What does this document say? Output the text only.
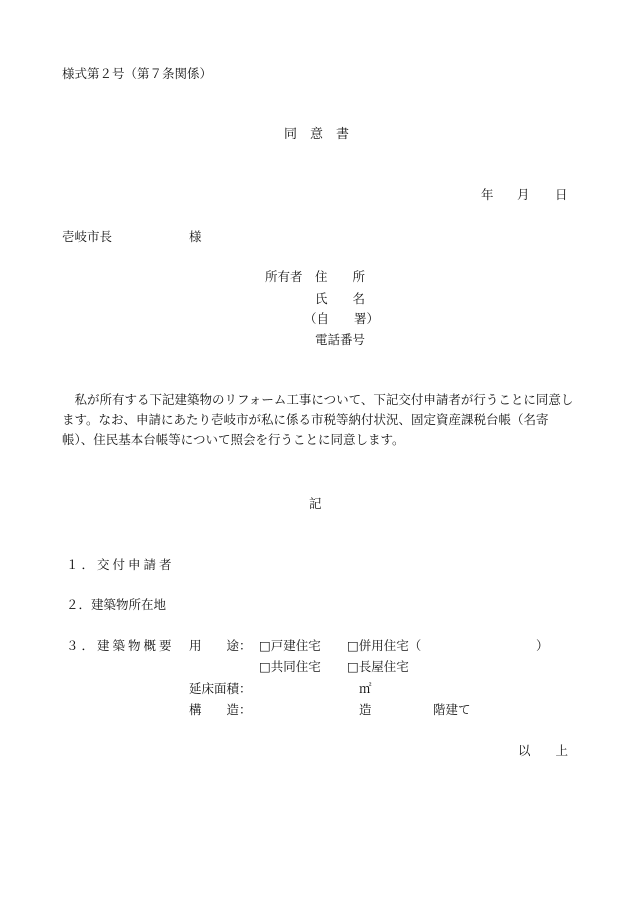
様式第２号（第７条関係）
同　意　書
年 月 日
壱岐市長	様
所有者 住　　所
氏　　名
（自　　署）
電話番号
　私が所有する下記建築物のリフォーム工事について、下記交付申請者が行うことに同意します。なお、申請にあたり壱岐市が私に係る市税等納付状況、固定資産課税台帳（名寄帳）、住民基本台帳等について照会を行うことに同意します。
記
１．交付申請者
２．建築物所在地
３．建築物概要 用　　途： □戸建住宅 □併用住宅（	）
□共同住宅 □長屋住宅
延床面積：	㎡
構　　造：	造	階建て
以　　上
